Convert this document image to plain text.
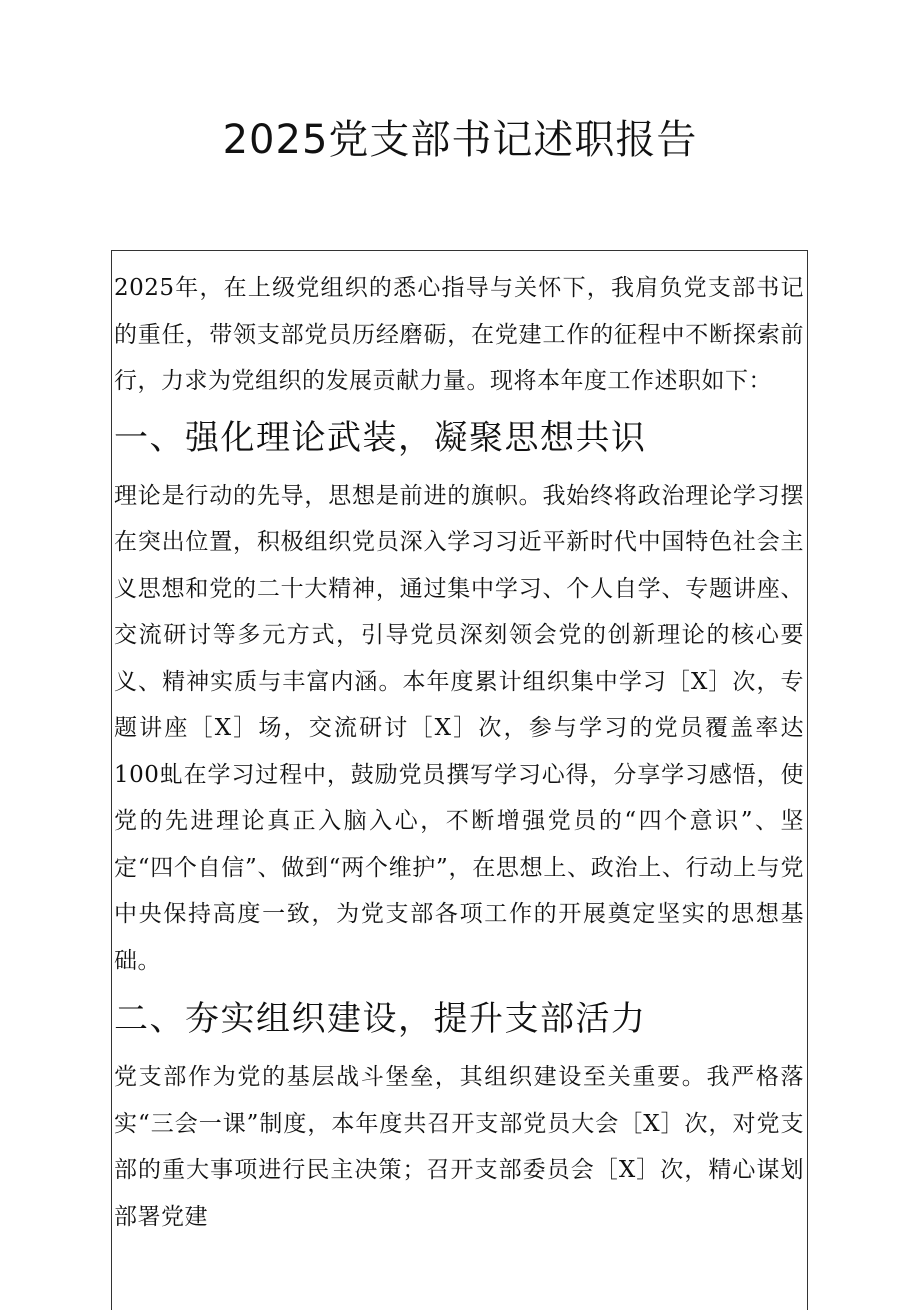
2025党支部书记述职报告

2025年，在上级党组织的悉心指导与关怀下，我肩负党支部书记的重任，带领支部党员历经磨砺，在党建工作的征程中不断探索前行，力求为党组织的发展贡献力量。现将本年度工作述职如下：

一、强化理论武装，凝聚思想共识

理论是行动的先导，思想是前进的旗帜。我始终将政治理论学习摆在突出位置，积极组织党员深入学习习近平新时代中国特色社会主义思想和党的二十大精神，通过集中学习、个人自学、专题讲座、交流研讨等多元方式，引导党员深刻领会党的创新理论的核心要义、精神实质与丰富内涵。本年度累计组织集中学习［X］次，专题讲座［X］场，交流研讨［X］次，参与学习的党员覆盖率达100虬在学习过程中，鼓励党员撰写学习心得，分享学习感悟，使党的先进理论真正入脑入心，不断增强党员的“四个意识”、坚定“四个自信”、做到“两个维护”，在思想上、政治上、行动上与党中央保持高度一致，为党支部各项工作的开展奠定坚实的思想基础。

二、夯实组织建设，提升支部活力

党支部作为党的基层战斗堡垒，其组织建设至关重要。我严格落实“三会一课”制度，本年度共召开支部党员大会［X］次，对党支部的重大事项进行民主决策；召开支部委员会［X］次，精心谋划部署党建
